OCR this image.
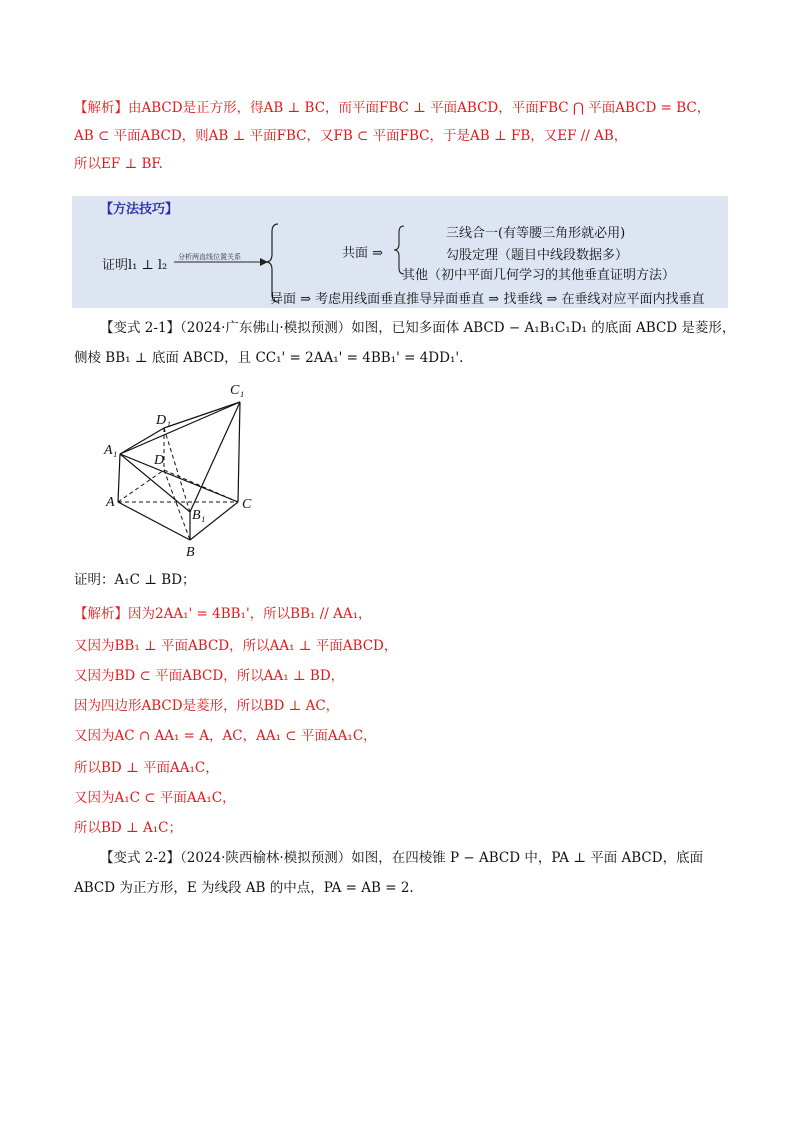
【解析】由ABCD是正方形，得AB ⊥ BC，而平面FBC ⊥ 平面ABCD，平面FBC ⋂ 平面ABCD = BC，
AB ⊂ 平面ABCD，则AB ⊥ 平面FBC，又FB ⊂ 平面FBC，于是AB ⊥ FB，又EF // AB，
所以EF ⊥ BF.
【方法技巧】
证明l₁ ⊥ l₂
分析两直线位置关系	共面 ⇒
三线合一(有等腰三角形就必用)
勾股定理（题目中线段数据多）
其他（初中平面几何学习的其他垂直证明方法）
异面 ⇒ 考虑用线面垂直推导异面垂直 ⇒ 找垂线 ⇒ 在垂线对应平面内找垂直
【变式 2-1】（2024·广东佛山·模拟预测）如图，已知多面体 ABCD − A₁B₁C₁D₁ 的底面 ABCD 是菱形，
侧棱 BB₁ ⊥ 底面 ABCD，且 CC₁' = 2AA₁' = 4BB₁' = 4DD₁'.
C₁
D₁
A₁
D
A	C
B₁
B
证明：A₁C ⊥ BD；
【解析】因为2AA₁' = 4BB₁'，所以BB₁ // AA₁，
又因为BB₁ ⊥ 平面ABCD，所以AA₁ ⊥ 平面ABCD，
又因为BD ⊂ 平面ABCD，所以AA₁ ⊥ BD，
因为四边形ABCD是菱形，所以BD ⊥ AC，
又因为AC ∩ AA₁ = A，AC，AA₁ ⊂ 平面AA₁C，
所以BD ⊥ 平面AA₁C，
又因为A₁C ⊂ 平面AA₁C，
所以BD ⊥ A₁C；
【变式 2-2】（2024·陕西榆林·模拟预测）如图，在四棱锥 P − ABCD 中，PA ⊥ 平面 ABCD，底面
ABCD 为正方形，E 为线段 AB 的中点，PA = AB = 2.
